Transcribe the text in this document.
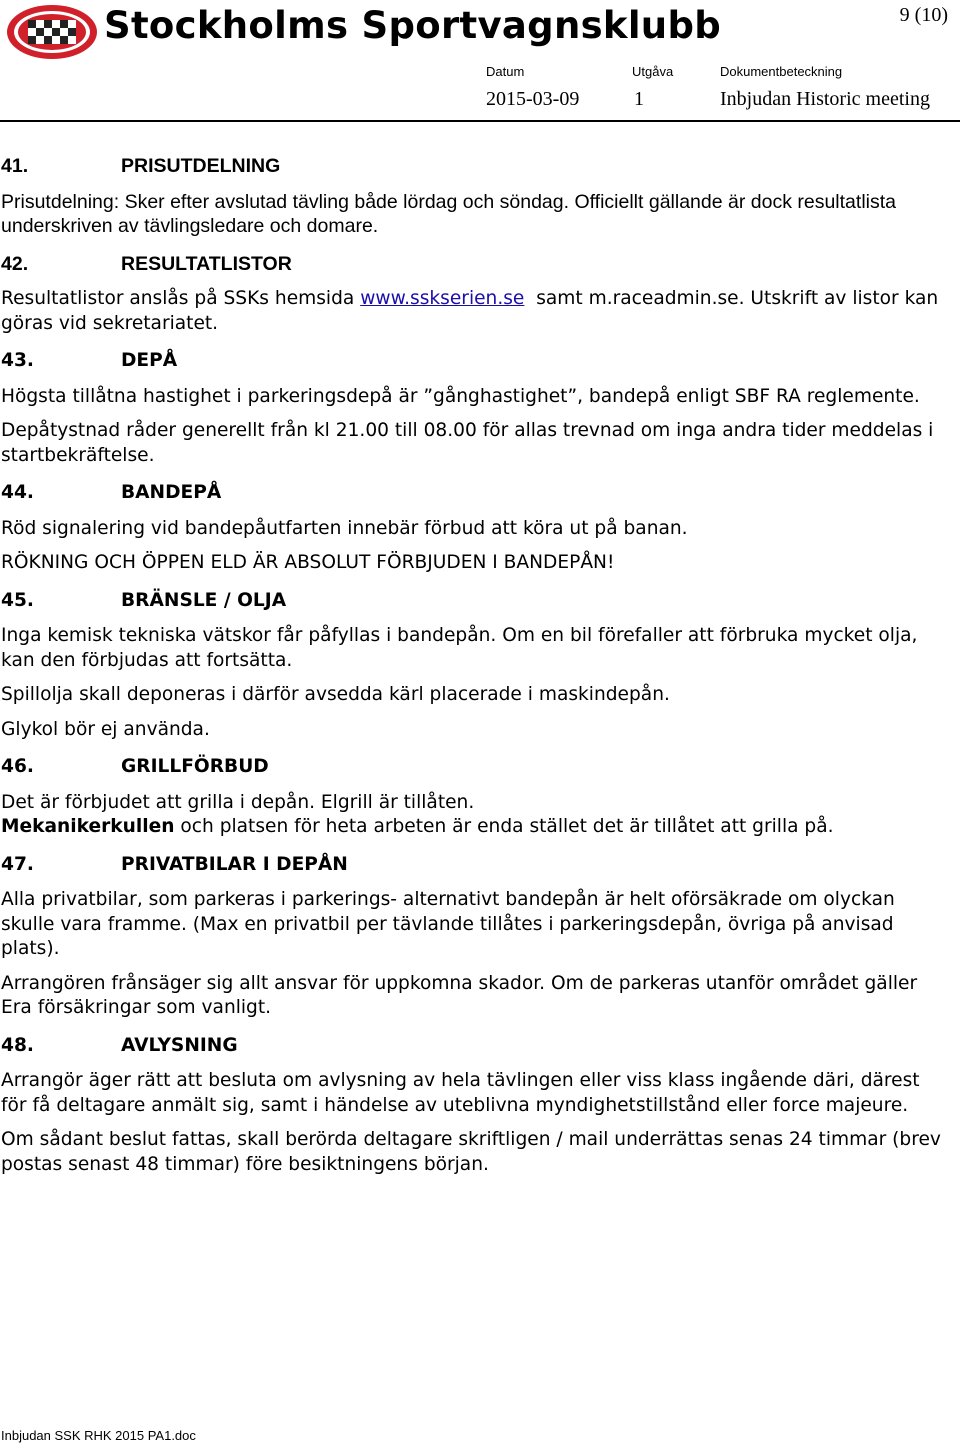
Stockholms Sportvagnsklubb	9 (10)
Datum	Utgåva	Dokumentbeteckning
2015-03-09	1	Inbjudan Historic meeting
41.	PRISUTDELNING
Prisutdelning: Sker efter avslutad tävling både lördag och söndag. Officiellt gällande är dock resultatlista underskriven av tävlingsledare och domare.
42.	RESULTATLISTOR
Resultatlistor anslås på SSKs hemsida www.sskserien.se  samt m.raceadmin.se. Utskrift av listor kan göras vid sekretariatet.
43.	DEPÅ
Högsta tillåtna hastighet i parkeringsdepå är ”gånghastighet”, bandepå enligt SBF RA reglemente.
Depåtystnad råder generellt från kl 21.00 till 08.00 för allas trevnad om inga andra tider meddelas i startbekräftelse.
44.	BANDEPÅ
Röd signalering vid bandepåutfarten innebär förbud att köra ut på banan.
RÖKNING OCH ÖPPEN ELD ÄR ABSOLUT FÖRBJUDEN I BANDEPÅN!
45.	BRÄNSLE / OLJA
Inga kemisk tekniska vätskor får påfyllas i bandepån. Om en bil förefaller att förbruka mycket olja, kan den förbjudas att fortsätta.
Spillolja skall deponeras i därför avsedda kärl placerade i maskindepån.
Glykol bör ej använda.
46.	GRILLFÖRBUD
Det är förbjudet att grilla i depån. Elgrill är tillåten.
Mekanikerkullen och platsen för heta arbeten är enda stället det är tillåtet att grilla på.
47.	PRIVATBILAR I DEPÅN
Alla privatbilar, som parkeras i parkerings- alternativt bandepån är helt oförsäkrade om olyckan skulle vara framme. (Max en privatbil per tävlande tillåtes i parkeringsdepån, övriga på anvisad plats).
Arrangören frånsäger sig allt ansvar för uppkomna skador. Om de parkeras utanför området gäller Era försäkringar som vanligt.
48.	AVLYSNING
Arrangör äger rätt att besluta om avlysning av hela tävlingen eller viss klass ingående däri, därest för få deltagare anmält sig, samt i händelse av uteblivna myndighetstillstånd eller force majeure.
Om sådant beslut fattas, skall berörda deltagare skriftligen / mail underrättas senas 24 timmar (brev postas senast 48 timmar) före besiktningens början.
Inbjudan SSK RHK 2015 PA1.doc
